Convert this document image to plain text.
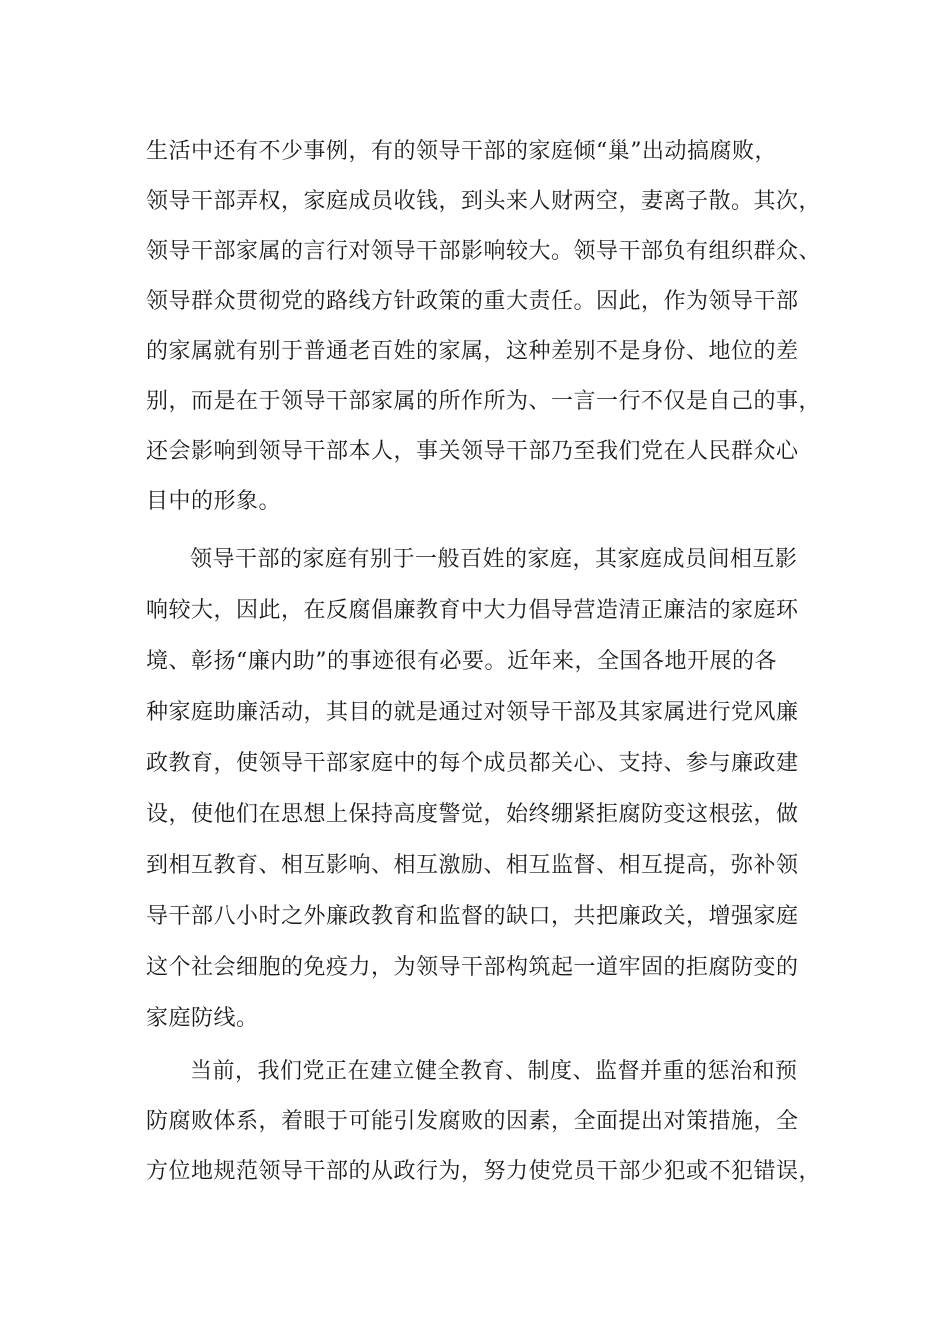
生活中还有不少事例，有的领导干部的家庭倾“巢”出动搞腐败，
领导干部弄权，家庭成员收钱，到头来人财两空，妻离子散。其次，
领导干部家属的言行对领导干部影响较大。领导干部负有组织群众、
领导群众贯彻党的路线方针政策的重大责任。因此，作为领导干部
的家属就有别于普通老百姓的家属，这种差别不是身份、地位的差
别，而是在于领导干部家属的所作所为、一言一行不仅是自己的事，
还会影响到领导干部本人，事关领导干部乃至我们党在人民群众心
目中的形象。
领导干部的家庭有别于一般百姓的家庭，其家庭成员间相互影
响较大，因此，在反腐倡廉教育中大力倡导营造清正廉洁的家庭环
境、彰扬“廉内助”的事迹很有必要。近年来，全国各地开展的各
种家庭助廉活动，其目的就是通过对领导干部及其家属进行党风廉
政教育，使领导干部家庭中的每个成员都关心、支持、参与廉政建
设，使他们在思想上保持高度警觉，始终绷紧拒腐防变这根弦，做
到相互教育、相互影响、相互激励、相互监督、相互提高，弥补领
导干部八小时之外廉政教育和监督的缺口，共把廉政关，增强家庭
这个社会细胞的免疫力，为领导干部构筑起一道牢固的拒腐防变的
家庭防线。
当前，我们党正在建立健全教育、制度、监督并重的惩治和预
防腐败体系，着眼于可能引发腐败的因素，全面提出对策措施，全
方位地规范领导干部的从政行为，努力使党员干部少犯或不犯错误，
